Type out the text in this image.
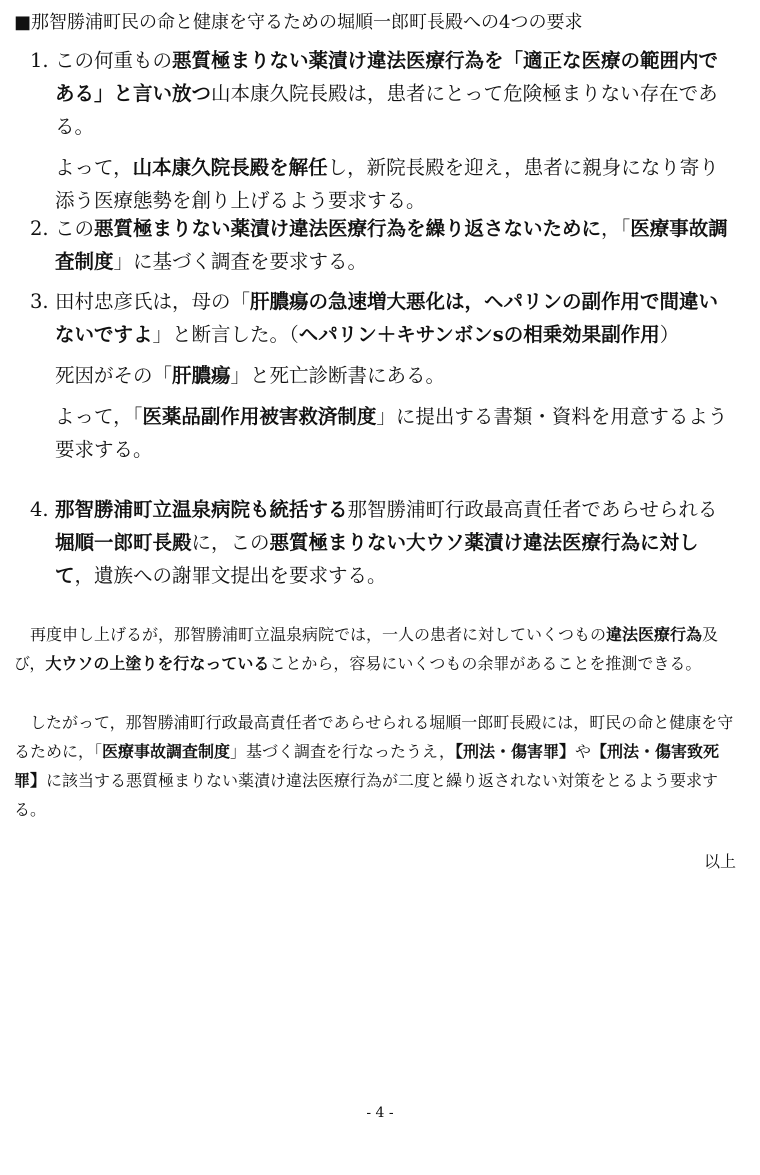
■那智勝浦町民の命と健康を守るための堀順一郎町長殿への4つの要求
1. この何重もの悪質極まりない薬漬け違法医療行為を「適正な医療の範囲内である」と言い放つ山本康久院長殿は，患者にとって危険極まりない存在である。

よって，山本康久院長殿を解任し，新院長殿を迎え，患者に親身になり寄り添う医療態勢を創り上げるよう要求する。

2. この悪質極まりない薬漬け違法医療行為を繰り返さないために，「医療事故調査制度」に基づく調査を要求する。

3. 田村忠彦氏は，母の「肝膿瘍の急速増大悪化は，ヘパリンの副作用で間違いないですよ」と断言した。（ヘパリン＋キサンボンsの相乗効果副作用）

死因がその「肝膿瘍」と死亡診断書にある。

よって，「医薬品副作用被害救済制度」に提出する書類・資料を用意するよう要求する。

4. 那智勝浦町立温泉病院も統括する那智勝浦町行政最高責任者であらせられる堀順一郎町長殿に，この悪質極まりない大ウソ薬漬け違法医療行為に対して，遺族への謝罪文提出を要求する。

再度申し上げるが，那智勝浦町立温泉病院では，一人の患者に対していくつもの違法医療行為及び，大ウソの上塗りを行なっていることから，容易にいくつもの余罪があることを推測できる。

したがって，那智勝浦町行政最高責任者であらせられる堀順一郎町長殿には，町民の命と健康を守るために，「医療事故調査制度」基づく調査を行なったうえ，【刑法・傷害罪】や【刑法・傷害致死罪】に該当する悪質極まりない薬漬け違法医療行為が二度と繰り返されない対策をとるよう要求する。

以上
- 4 -
